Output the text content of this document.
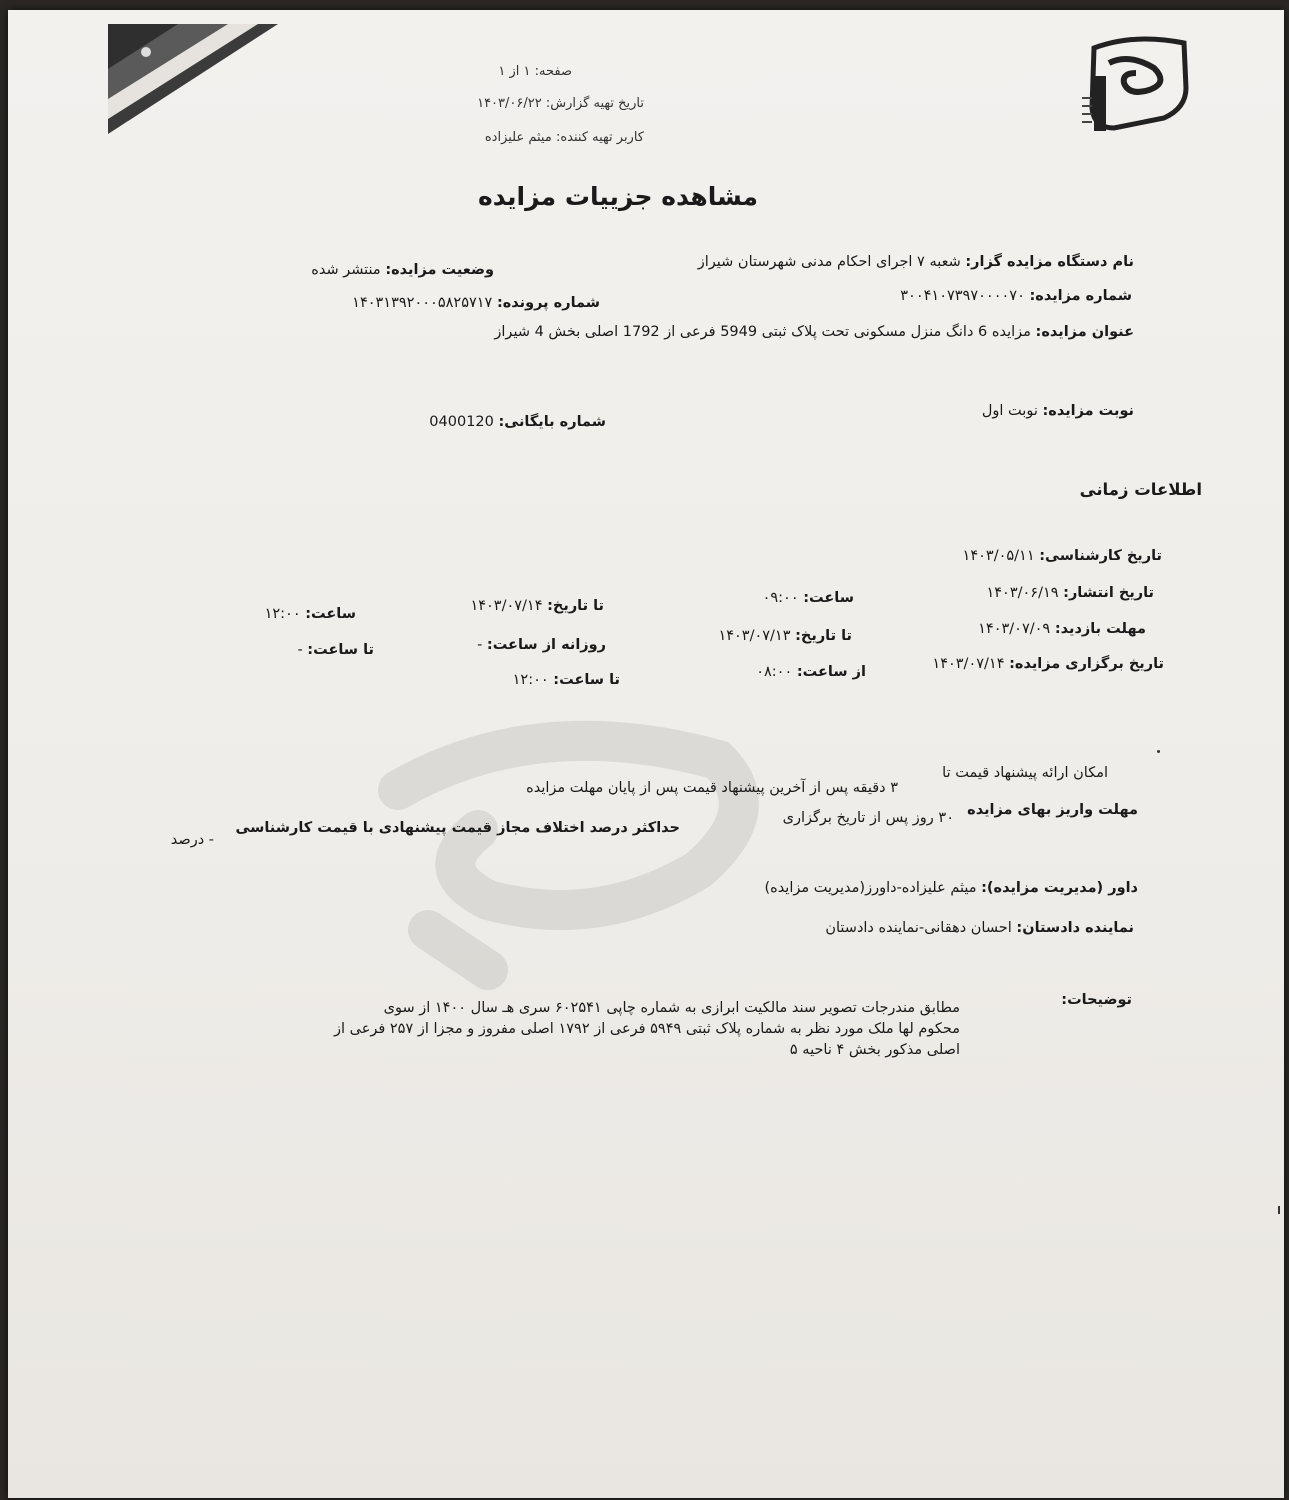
صفحه: ۱ از ۱
تاریخ تهیه گزارش: ۱۴۰۳/۰۶/۲۲
کاربر تهیه کننده: میثم علیزاده
مشاهده جزییات مزایده
نام دستگاه مزایده گزار: شعبه ۷ اجرای احکام مدنی شهرستان شیراز
وضعیت مزایده: منتشر شده
شماره مزایده: ۳۰۰۴۱۰۷۳۹۷۰۰۰۰۷۰
شماره پرونده: ۱۴۰۳۱۳۹۲۰۰۰۵۸۲۵۷۱۷
عنوان مزایده: مزایده 6 دانگ منزل مسکونی تحت پلاک ثبتی 5949 فرعی از 1792 اصلی بخش 4 شیراز
نوبت مزایده: نوبت اول
شماره بایگانی: 0400120
اطلاعات زمانی
تاریخ کارشناسی: ۱۴۰۳/۰۵/۱۱
تاریخ انتشار: ۱۴۰۳/۰۶/۱۹
ساعت: ۰۹:۰۰
تا تاریخ: ۱۴۰۳/۰۷/۱۴
ساعت: ۱۲:۰۰
مهلت بازدید: ۱۴۰۳/۰۷/۰۹
تا تاریخ: ۱۴۰۳/۰۷/۱۳
روزانه از ساعت: -
تا ساعت: -
تاریخ برگزاری مزایده: ۱۴۰۳/۰۷/۱۴
از ساعت: ۰۸:۰۰
تا ساعت: ۱۲:۰۰
امکان ارائه پیشنهاد قیمت تا
۳ دقیقه پس از آخرین پیشنهاد قیمت پس از پایان مهلت مزایده
مهلت واریز بهای مزایده
۳۰ روز پس از تاریخ برگزاری
حداکثر درصد اختلاف مجاز قیمت پیشنهادی با قیمت کارشناسی
- درصد
داور (مدیریت مزایده): میثم علیزاده-داورز(مدیریت مزایده)
نماینده دادستان: احسان دهقانی-نماینده دادستان
توضیحات:

مطابق مندرجات تصویر سند مالکیت ابرازی به شماره چاپی ۶۰۲۵۴۱ سری هـ سال ۱۴۰۰ از سوی

محکوم لها ملک مورد نظر به شماره پلاک ثبتی ۵۹۴۹ فرعی از ۱۷۹۲ اصلی مفروز و مجزا از ۲۵۷ فرعی از

اصلی مذکور بخش ۴ ناحیه ۵
